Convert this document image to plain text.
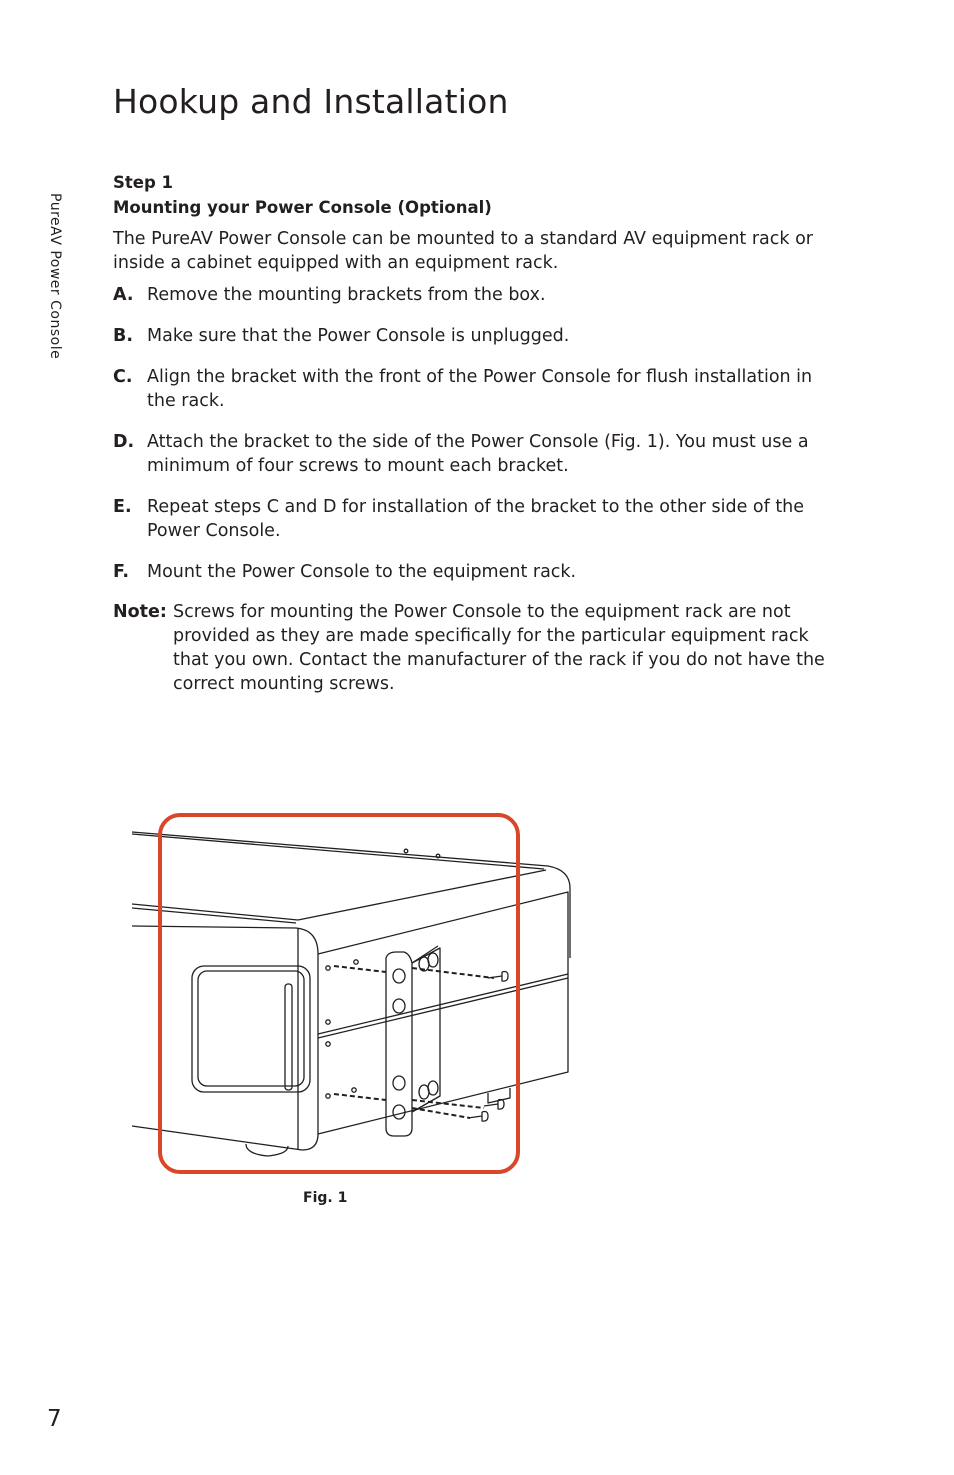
PureAV Power Console
Hookup and Installation

Step 1

Mounting your Power Console (Optional)

The PureAV Power Console can be mounted to a standard AV equipment rack or inside a cabinet equipped with an equipment rack.

A. Remove the mounting brackets from the box.
B. Make sure that the Power Console is unplugged.
C. Align the bracket with the front of the Power Console for flush installation in the rack.
D. Attach the bracket to the side of the Power Console (Fig. 1). You must use a minimum of four screws to mount each bracket.
E. Repeat steps C and D for installation of the bracket to the other side of the Power Console.
F. Mount the Power Console to the equipment rack.
Note: Screws for mounting the Power Console to the equipment rack are not provided as they are made specifically for the particular equipment rack that you own. Contact the manufacturer of the rack if you do not have the correct mounting screws.
Fig. 1
7
